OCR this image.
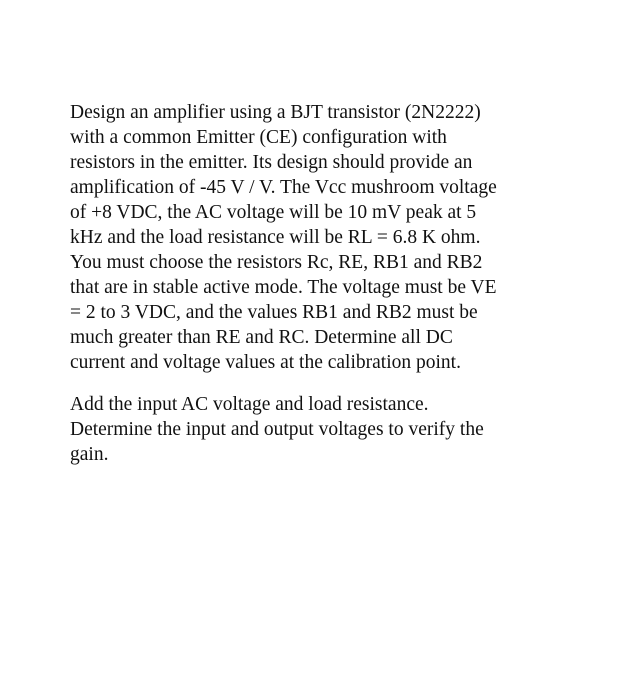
Design an amplifier using a BJT transistor (2N2222)
with a common Emitter (CE) configuration with
resistors in the emitter. Its design should provide an
amplification of -45 V / V. The Vcc mushroom voltage
of +8 VDC, the AC voltage will be 10 mV peak at 5
kHz and the load resistance will be RL = 6.8 K ohm.
You must choose the resistors Rc, RE, RB1 and RB2
that are in stable active mode. The voltage must be VE
= 2 to 3 VDC, and the values RB1 and RB2 must be
much greater than RE and RC. Determine all DC
current and voltage values at the calibration point.
Add the input AC voltage and load resistance.
Determine the input and output voltages to verify the
gain.
